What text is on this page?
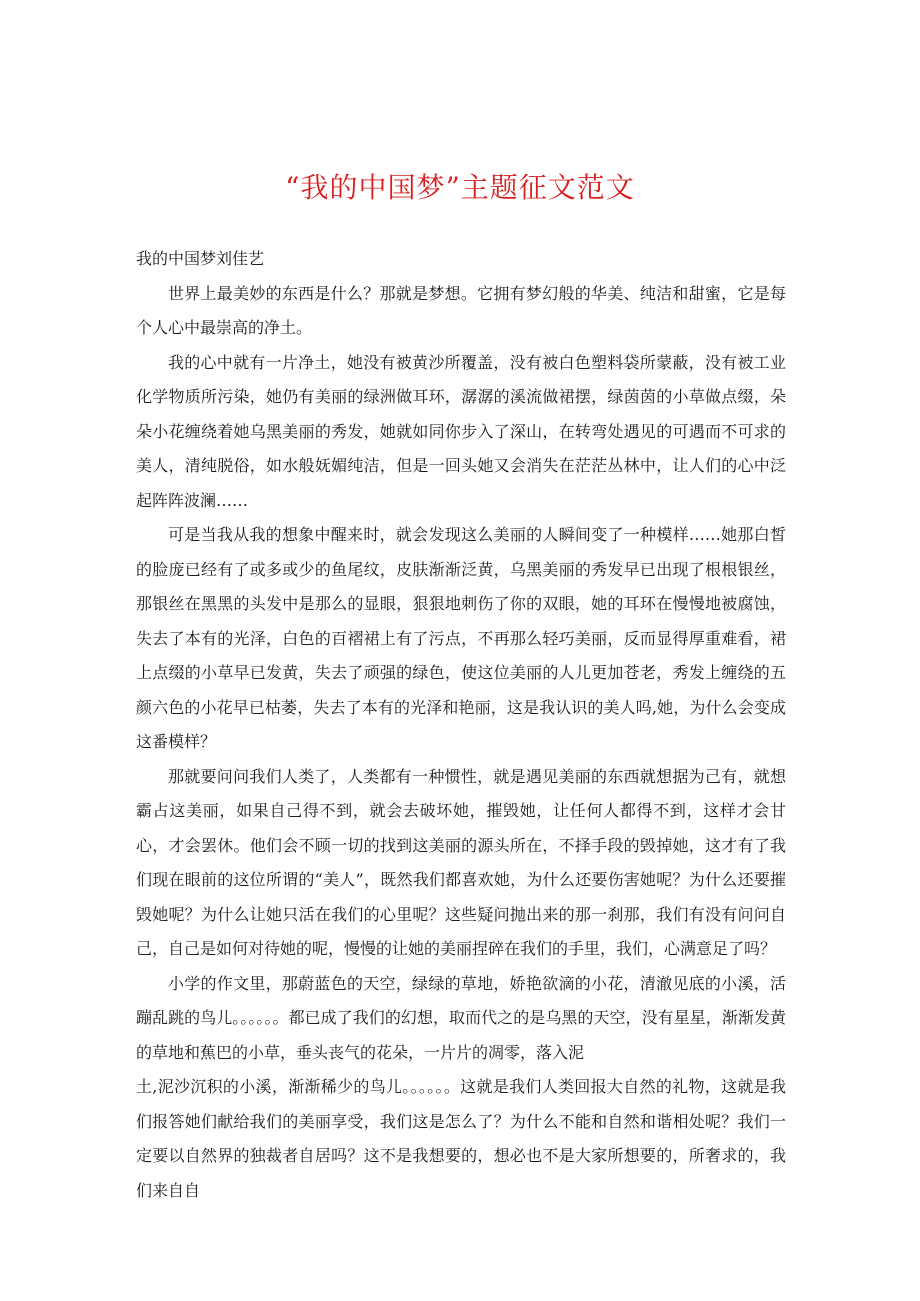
“我的中国梦”主题征文范文

我的中国梦刘佳艺

世界上最美妙的东西是什么？那就是梦想。它拥有梦幻般的华美、纯洁和甜蜜，它是每个人心中最崇高的净土。

我的心中就有一片净土，她没有被黄沙所覆盖，没有被白色塑料袋所蒙蔽，没有被工业化学物质所污染，她仍有美丽的绿洲做耳环，潺潺的溪流做裙摆，绿茵茵的小草做点缀，朵朵小花缠绕着她乌黑美丽的秀发，她就如同你步入了深山，在转弯处遇见的可遇而不可求的美人，清纯脱俗，如水般妩媚纯洁，但是一回头她又会消失在茫茫丛林中，让人们的心中泛起阵阵波澜……

可是当我从我的想象中醒来时，就会发现这么美丽的人瞬间变了一种模样……她那白皙的脸庞已经有了或多或少的鱼尾纹，皮肤渐渐泛黄，乌黑美丽的秀发早已出现了根根银丝，那银丝在黑黑的头发中是那么的显眼，狠狠地刺伤了你的双眼，她的耳环在慢慢地被腐蚀，失去了本有的光泽，白色的百褶裙上有了污点，不再那么轻巧美丽，反而显得厚重难看，裙上点缀的小草早已发黄，失去了顽强的绿色，使这位美丽的人儿更加苍老，秀发上缠绕的五颜六色的小花早已枯萎，失去了本有的光泽和艳丽，这是我认识的美人吗,她，为什么会变成这番模样？

那就要问问我们人类了，人类都有一种惯性，就是遇见美丽的东西就想据为己有，就想霸占这美丽，如果自己得不到，就会去破坏她，摧毁她，让任何人都得不到，这样才会甘心，才会罢休。他们会不顾一切的找到这美丽的源头所在，不择手段的毁掉她，这才有了我们现在眼前的这位所谓的“美人”，既然我们都喜欢她，为什么还要伤害她呢？为什么还要摧毁她呢？为什么让她只活在我们的心里呢？这些疑问抛出来的那一刹那，我们有没有问问自己，自己是如何对待她的呢，慢慢的让她的美丽捏碎在我们的手里，我们，心满意足了吗？

小学的作文里，那蔚蓝色的天空，绿绿的草地，娇艳欲滴的小花，清澈见底的小溪，活蹦乱跳的鸟儿。。。。。。都已成了我们的幻想，取而代之的是乌黑的天空，没有星星，渐渐发黄的草地和蕉巴的小草，垂头丧气的花朵，一片片的凋零，落入泥

土,泥沙沉积的小溪，渐渐稀少的鸟儿。。。。。。这就是我们人类回报大自然的礼物，这就是我们报答她们献给我们的美丽享受，我们这是怎么了？为什么不能和自然和谐相处呢？我们一定要以自然界的独裁者自居吗？这不是我想要的，想必也不是大家所想要的，所奢求的，我们来自自
